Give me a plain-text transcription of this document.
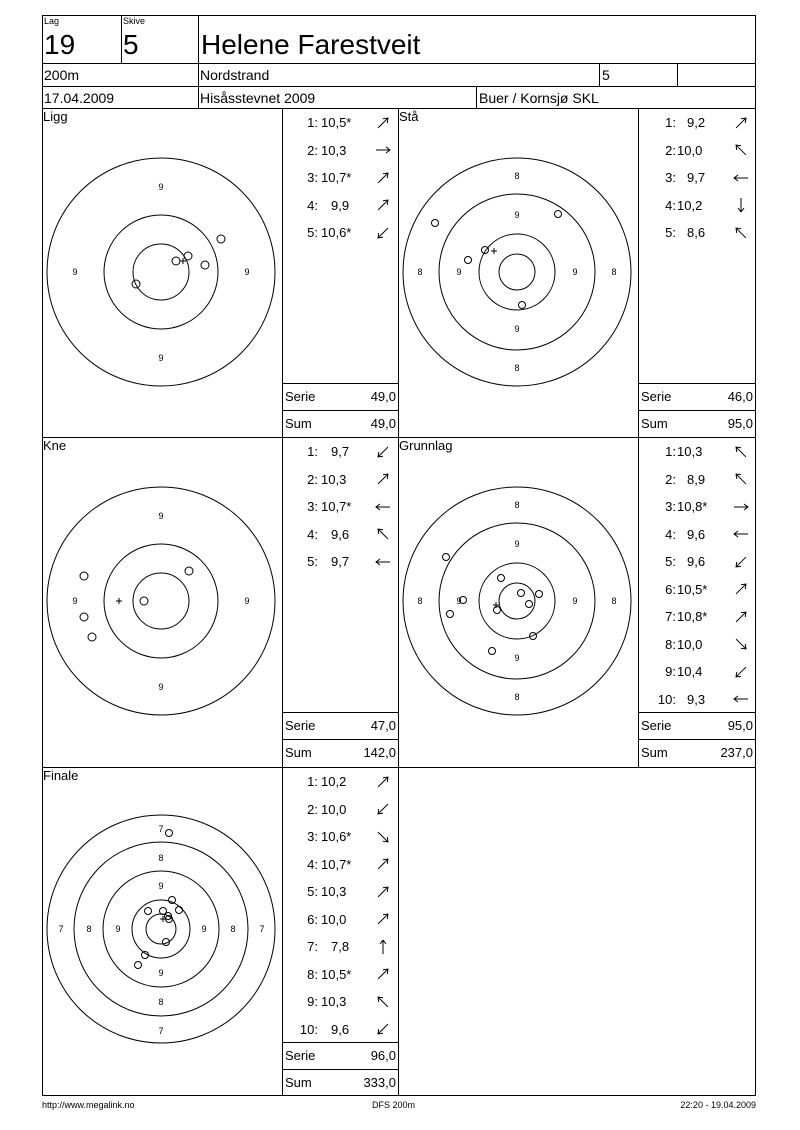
Lag
19
Skive
5 Helene Farestveit
200m	Nordstrand	5
17.04.2009	Hisåsstevnet 2009	Buer / Kornsjø SKL
Ligg	Stå
Kne	Grunnlag
Finale
9
9
9	9
8
8
8	8
9
9
9	9
9
9
9	9
8
8
8	8
9
9
9	9
7
7
7	7
8
8
8	8
9
9
9	9
1: 10,5*
2: 10,3
3: 10,7*
4: 9,9
5: 10,6*
1: 9,2
2: 10,0
3: 9,7
4: 10,2
5: 8,6
1: 9,7
2: 10,3
3: 10,7*
4: 9,6
5: 9,7
1: 10,3
2: 8,9
3: 10,8*
4: 9,6
5: 9,6
6: 10,5*
7: 10,8*
8: 10,0
9: 10,4
10: 9,3
1: 10,2
2: 10,0
3: 10,6*
4: 10,7*
5: 10,3
6: 10,0
7: 7,8
8: 10,5*
9: 10,3
10: 9,6
Serie	49,0
Sum	49,0
Serie	46,0
Sum	95,0
Serie	47,0
Sum	142,0
Serie	95,0
Sum	237,0
Serie	96,0
Sum	333,0
http://www.megalink.no	DFS 200m	22:20 - 19.04.2009
